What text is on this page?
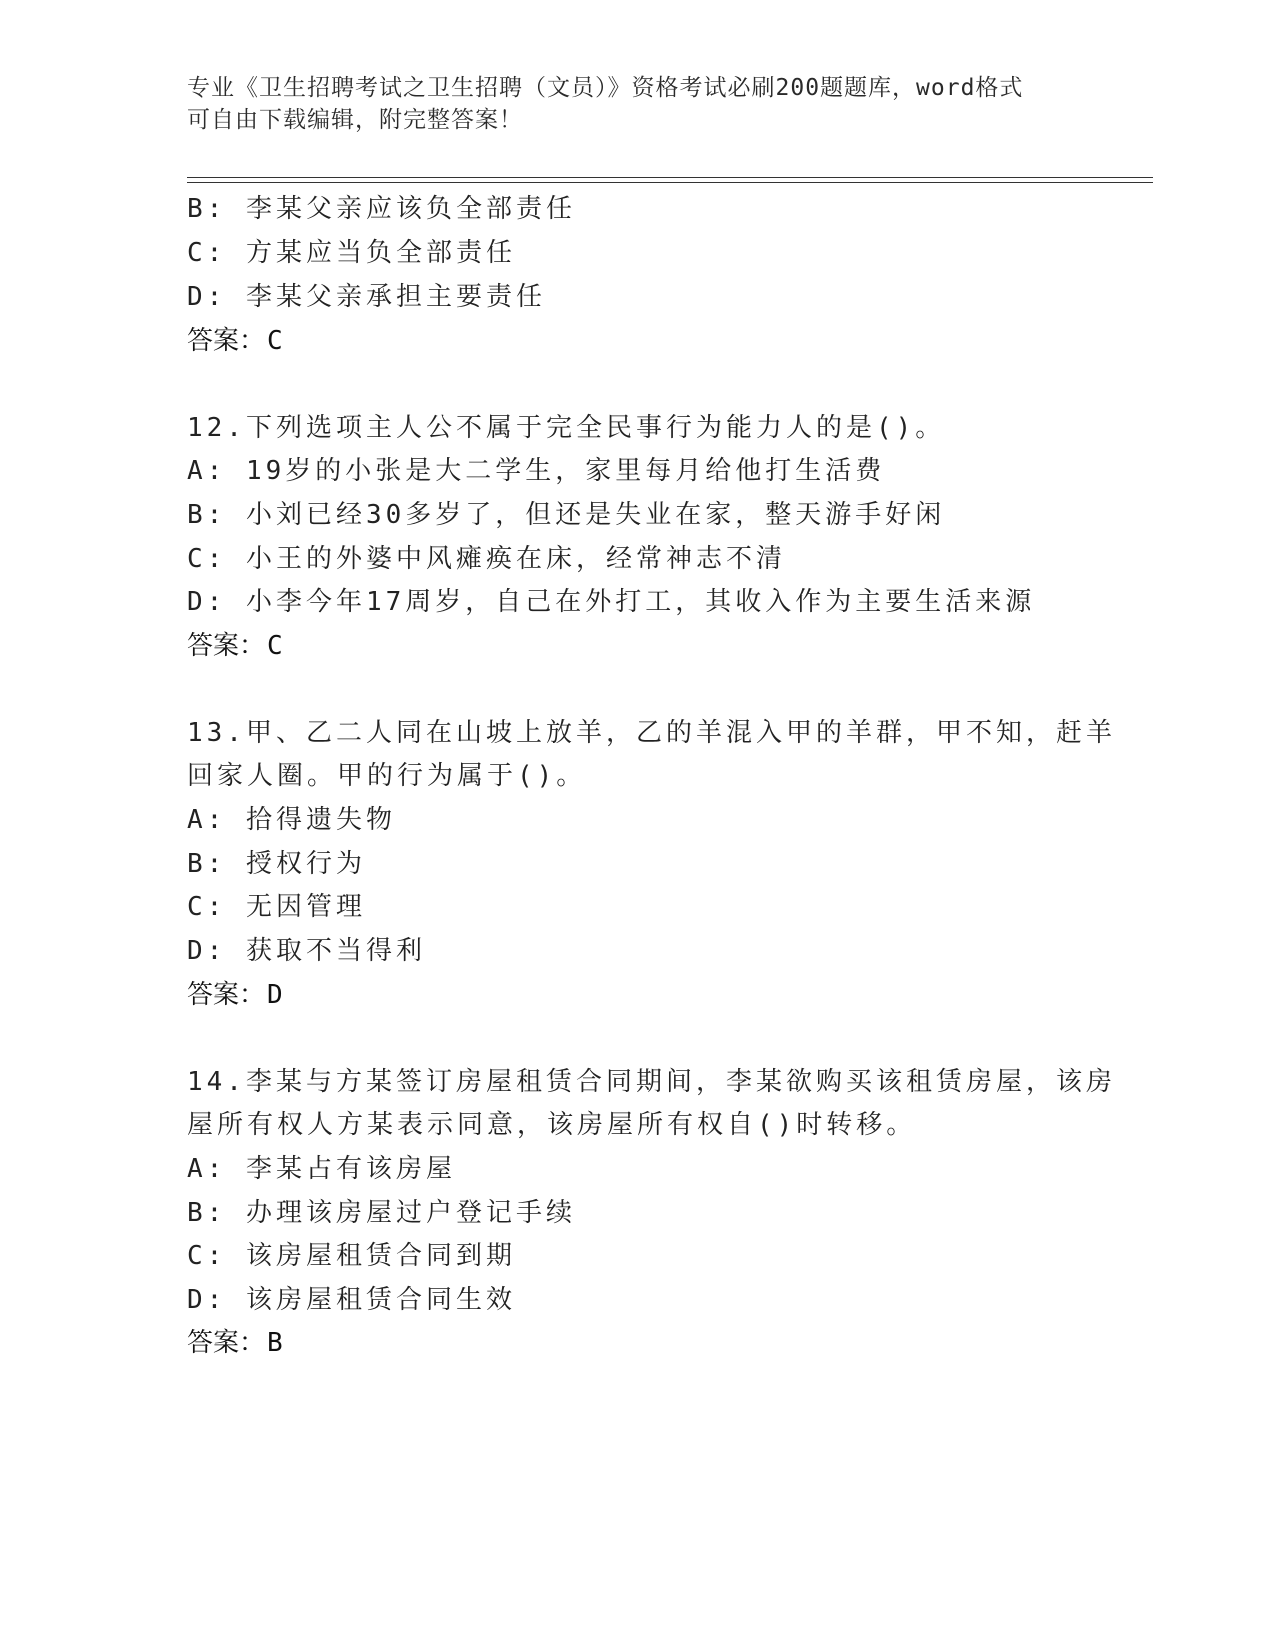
专业《卫生招聘考试之卫生招聘（文员）》资格考试必刷200题题库，word格式
可自由下载编辑，附完整答案！
B: 李某父亲应该负全部责任
C: 方某应当负全部责任
D: 李某父亲承担主要责任
答案：C
12.下列选项主人公不属于完全民事行为能力人的是()。
A: 19岁的小张是大二学生，家里每月给他打生活费
B: 小刘已经30多岁了，但还是失业在家，整天游手好闲
C: 小王的外婆中风瘫痪在床，经常神志不清
D: 小李今年17周岁，自己在外打工，其收入作为主要生活来源
答案：C
13.甲、乙二人同在山坡上放羊，乙的羊混入甲的羊群，甲不知，赶羊
回家人圈。甲的行为属于()。
A: 拾得遗失物
B: 授权行为
C: 无因管理
D: 获取不当得利
答案：D
14.李某与方某签订房屋租赁合同期间，李某欲购买该租赁房屋，该房
屋所有权人方某表示同意，该房屋所有权自()时转移。
A: 李某占有该房屋
B: 办理该房屋过户登记手续
C: 该房屋租赁合同到期
D: 该房屋租赁合同生效
答案：B
